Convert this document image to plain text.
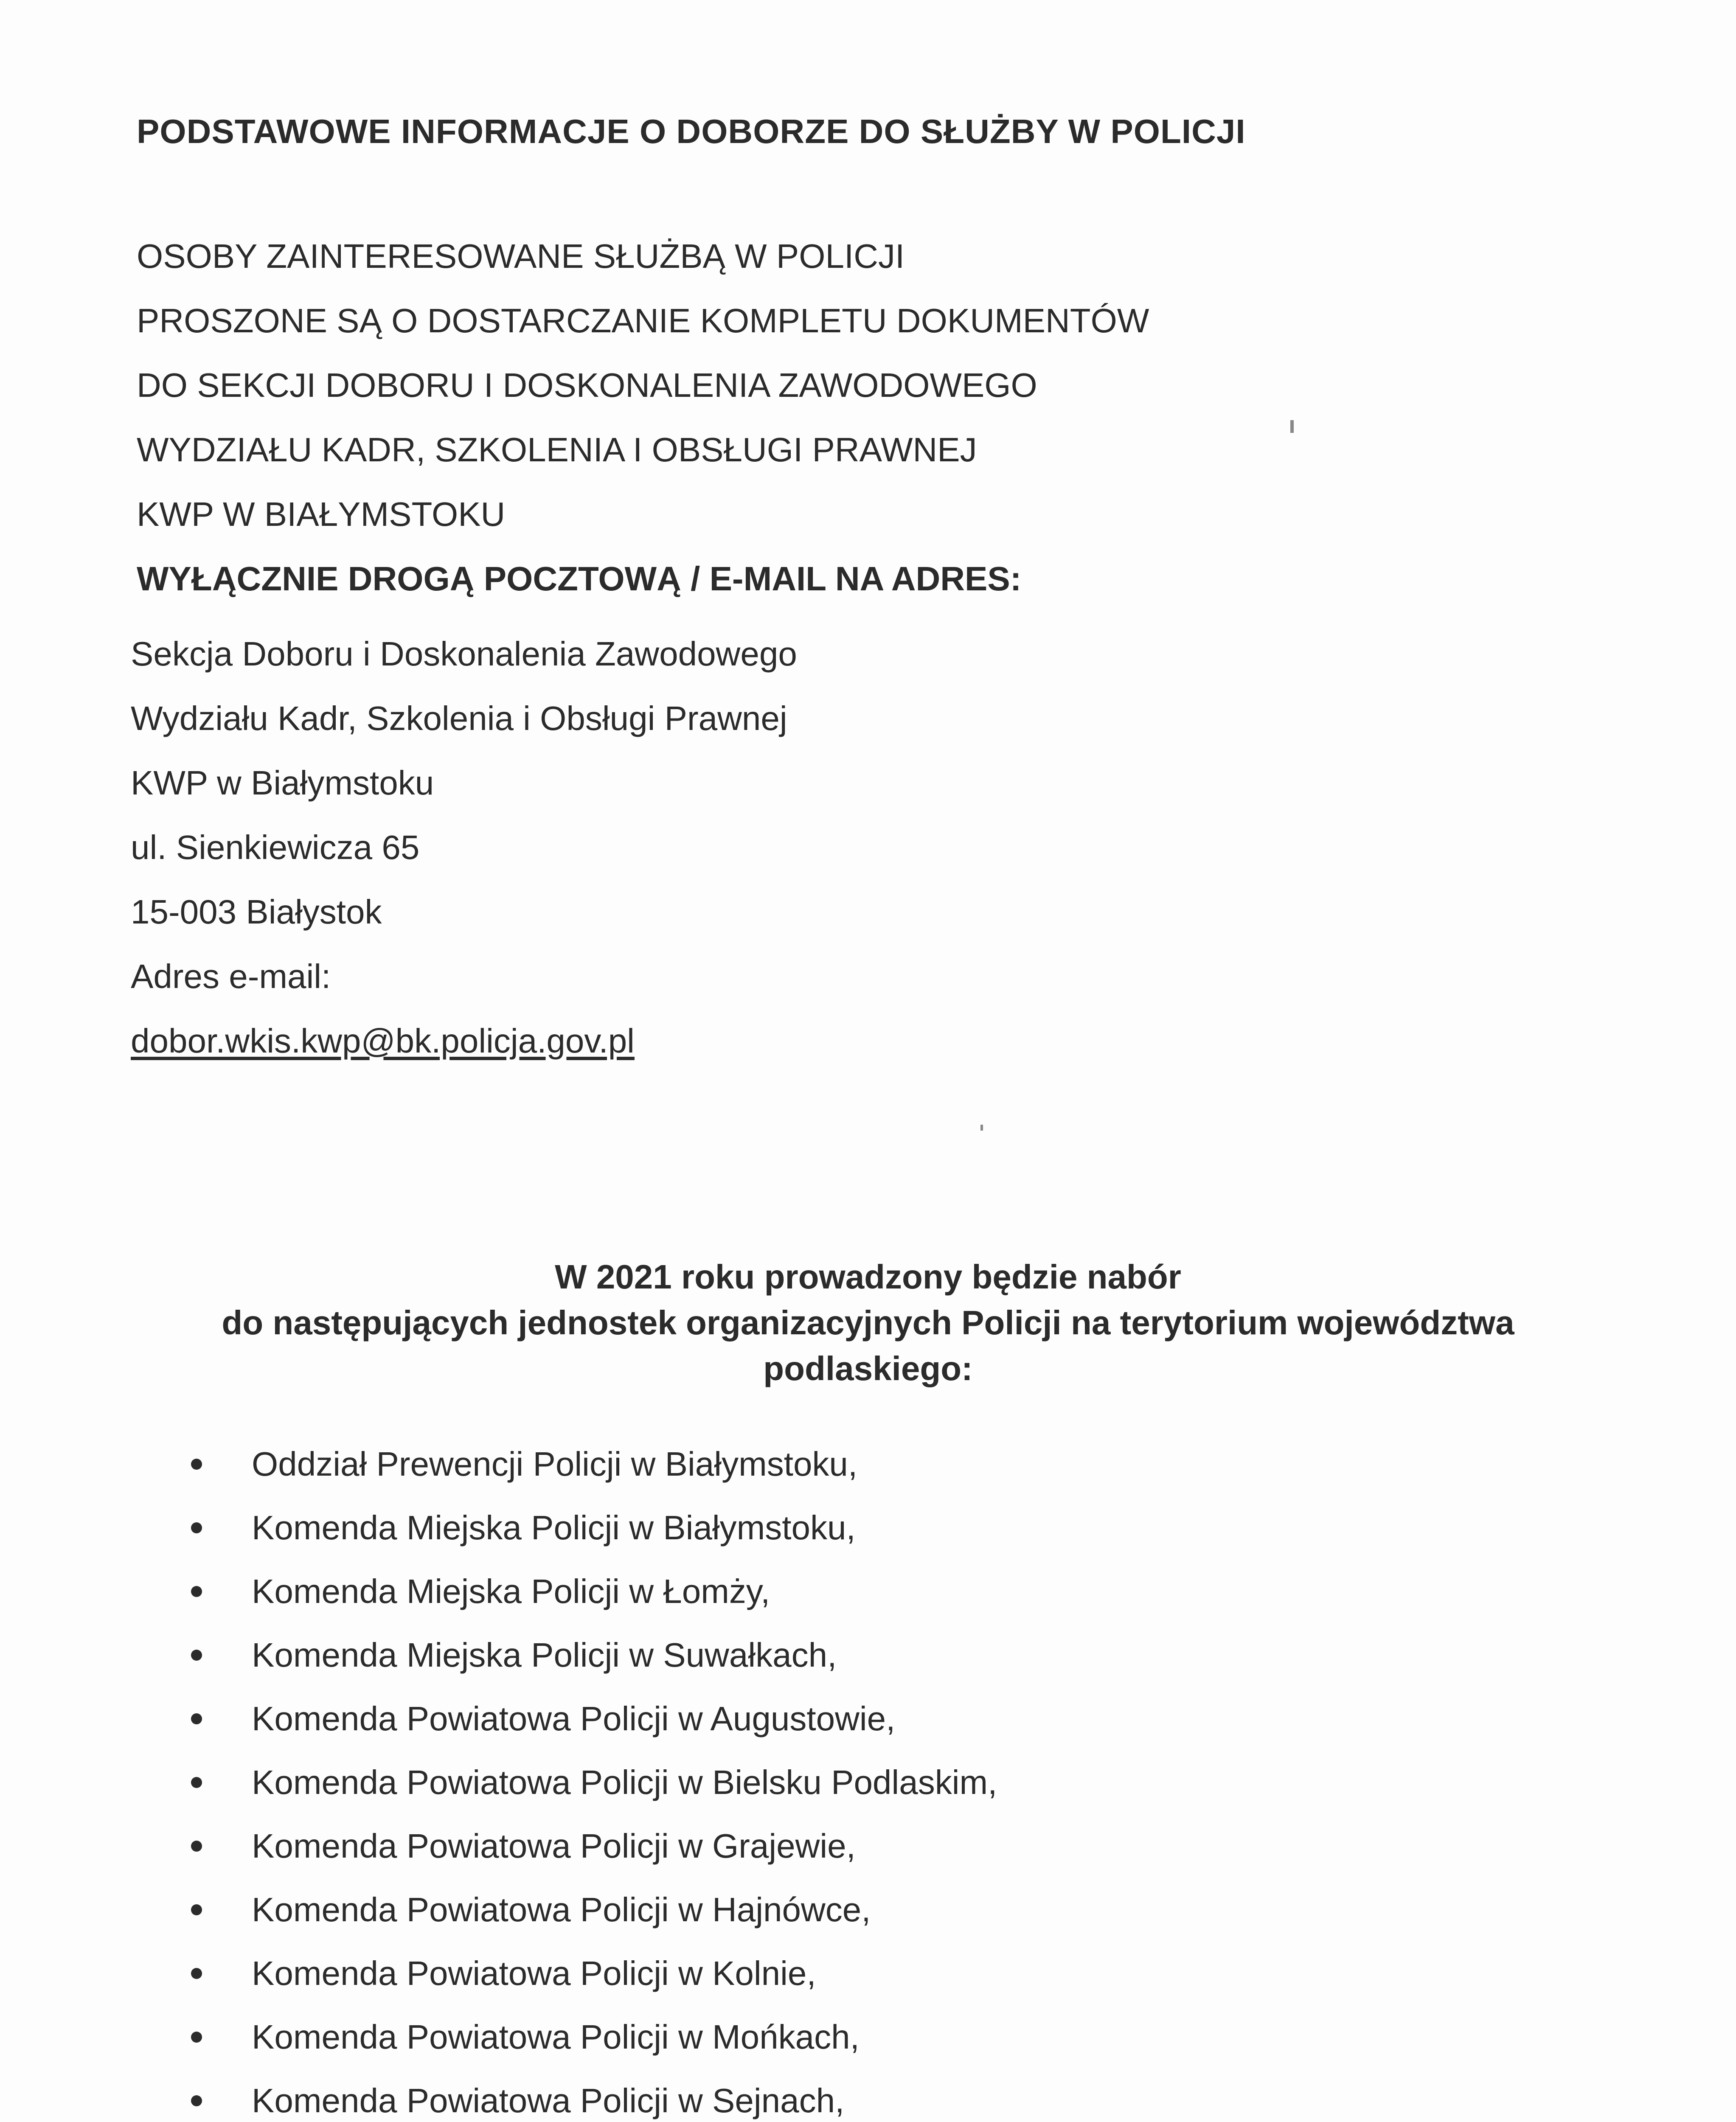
PODSTAWOWE INFORMACJE O DOBORZE DO SŁUŻBY W POLICJI
OSOBY ZAINTERESOWANE SŁUŻBĄ W POLICJI
PROSZONE SĄ O DOSTARCZANIE KOMPLETU DOKUMENTÓW
DO SEKCJI DOBORU I DOSKONALENIA ZAWODOWEGO
WYDZIAŁU KADR, SZKOLENIA I OBSŁUGI PRAWNEJ
KWP W BIAŁYMSTOKU
WYŁĄCZNIE DROGĄ POCZTOWĄ / E-MAIL NA ADRES:
Sekcja Doboru i Doskonalenia Zawodowego
Wydziału Kadr, Szkolenia i Obsługi Prawnej
KWP w Białymstoku
ul. Sienkiewicza 65
15-003 Białystok
Adres e-mail:
dobor.wkis.kwp@bk.policja.gov.pl
W 2021 roku prowadzony będzie nabór
do następujących jednostek organizacyjnych Policji na terytorium województwa
podlaskiego:
Oddział Prewencji Policji w Białymstoku,
Komenda Miejska Policji w Białymstoku,
Komenda Miejska Policji w Łomży,
Komenda Miejska Policji w Suwałkach,
Komenda Powiatowa Policji w Augustowie,
Komenda Powiatowa Policji w Bielsku Podlaskim,
Komenda Powiatowa Policji w Grajewie,
Komenda Powiatowa Policji w Hajnówce,
Komenda Powiatowa Policji w Kolnie,
Komenda Powiatowa Policji w Mońkach,
Komenda Powiatowa Policji w Sejnach,
